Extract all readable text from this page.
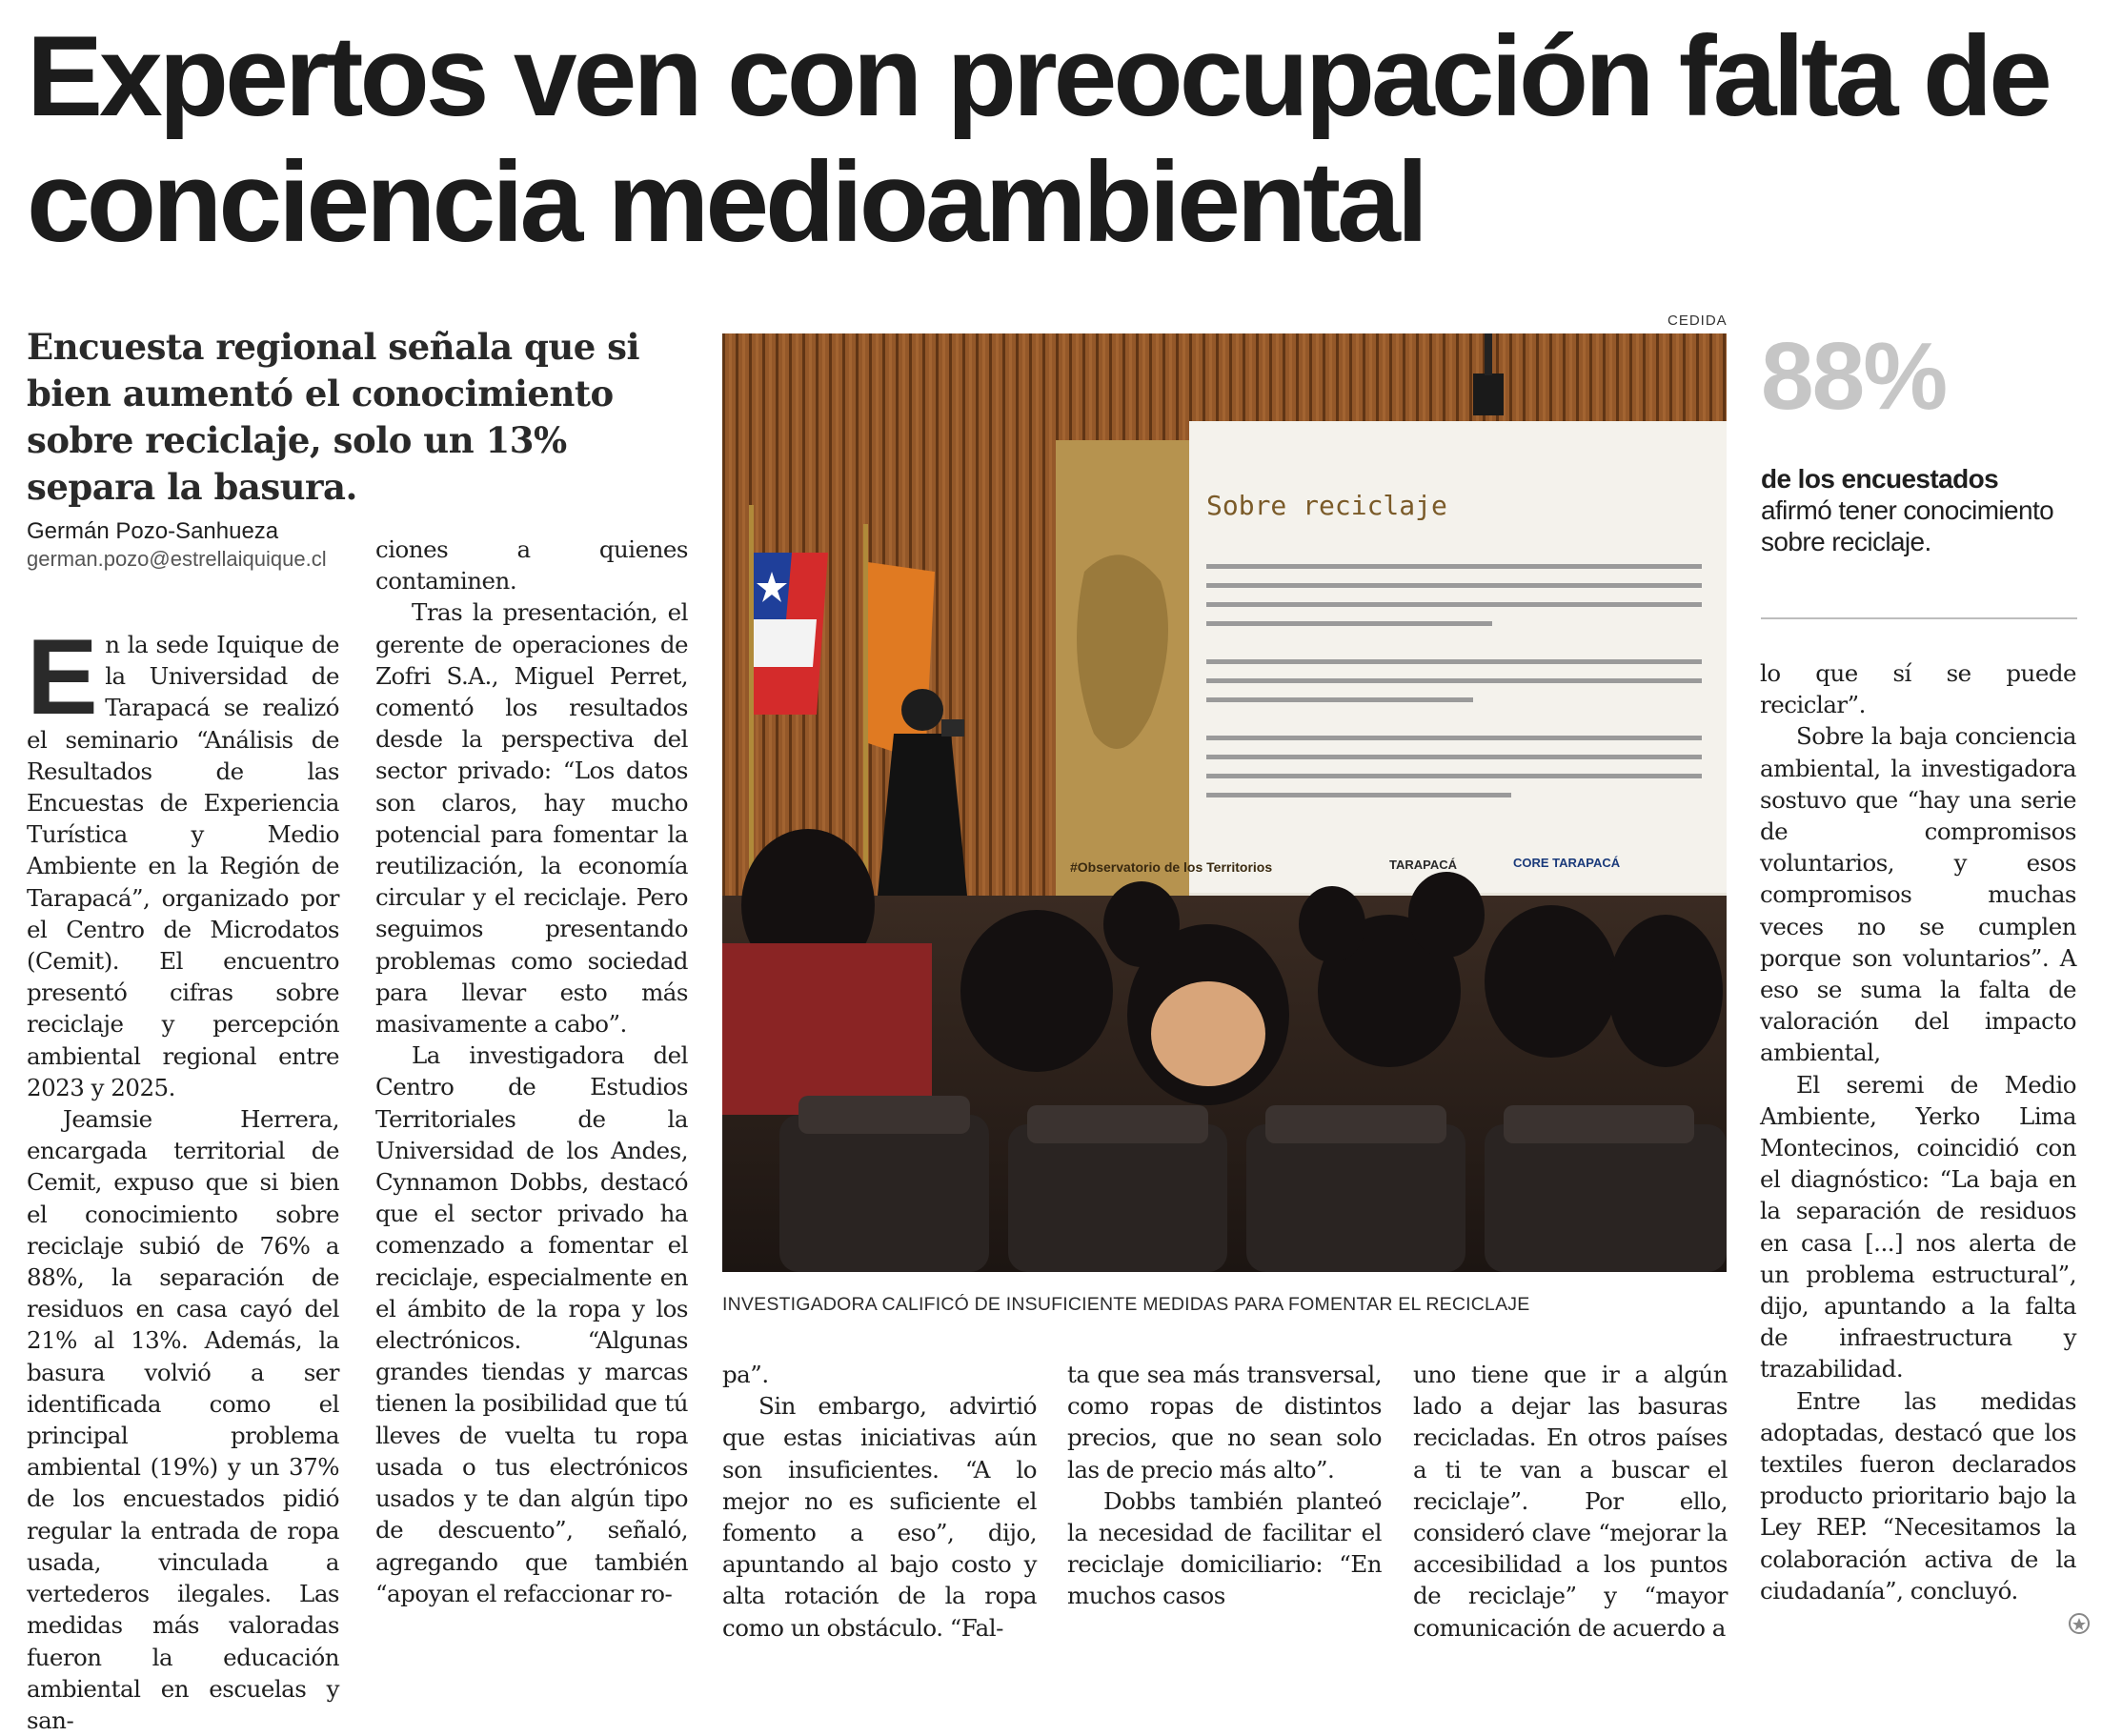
Expertos ven con preocupación falta de conciencia medioambiental
Encuesta regional señala que si bien aumentó el conocimiento sobre reciclaje, solo un 13% separa la basura.
Germán Pozo-Sanhueza
german.pozo@estrellaiquique.cl

En la sede Iquique de la Universidad de Tarapacá se realizó el seminario “Análisis de Resultados de las Encuestas de Experiencia Turística y Medio Ambiente en la Región de Tarapacá”, organizado por el Centro de Microdatos (Cemit). El encuentro presentó cifras sobre reciclaje y percepción ambiental regional entre 2023 y 2025.

Jeamsie Herrera, encargada territorial de Cemit, expuso que si bien el conocimiento sobre reciclaje subió de 76% a 88%, la separación de residuos en casa cayó del 21% al 13%. Además, la basura volvió a ser identificada como el principal problema ambiental (19%) y un 37% de los encuestados pidió regular la entrada de ropa usada, vinculada a vertederos ilegales. Las medidas más valoradas fueron la educación ambiental en escuelas y san-

ciones a quienes contaminen.

Tras la presentación, el gerente de operaciones de Zofri S.A., Miguel Perret, comentó los resultados desde la perspectiva del sector privado: “Los datos son claros, hay mucho potencial para fomentar la reutilización, la economía circular y el reciclaje. Pero seguimos presentando problemas como sociedad para llevar esto más masivamente a cabo”.

La investigadora del Centro de Estudios Territoriales de la Universidad de los Andes, Cynnamon Dobbs, destacó que el sector privado ha comenzado a fomentar el reciclaje, especialmente en el ámbito de la ropa y los electrónicos. “Algunas grandes tiendas y marcas tienen la posibilidad que tú lleves de vuelta tu ropa usada o tus electrónicos usados y te dan algún tipo de descuento”, señaló, agregando que también “apoyan el refaccionar ro-

CEDIDA
Sobre reciclaje
#Observatorio de los Territorios	TARAPACÁ	CORE TARAPACÁ
INVESTIGADORA CALIFICÓ DE INSUFICIENTE MEDIDAS PARA FOMENTAR EL RECICLAJE

pa”.

Sin embargo, advirtió que estas iniciativas aún son insuficientes. “A lo mejor no es suficiente el fomento a eso”, dijo, apuntando al bajo costo y alta rotación de la ropa como un obstáculo. “Fal-

ta que sea más transversal, como ropas de distintos precios, que no sean solo las de precio más alto”.

Dobbs también planteó la necesidad de facilitar el reciclaje domiciliario: “En muchos casos

uno tiene que ir a algún lado a dejar las basuras recicladas. En otros países a ti te van a buscar el reciclaje”. Por ello, consideró clave “mejorar la accesibilidad a los puntos de reciclaje” y “mayor comunicación de acuerdo a

88%
de los encuestados afirmó tener conocimiento sobre reciclaje.

lo que sí se puede reciclar”.

Sobre la baja conciencia ambiental, la investigadora sostuvo que “hay una serie de compromisos voluntarios, y esos compromisos muchas veces no se cumplen porque son voluntarios”. A eso se suma la falta de valoración del impacto ambiental,

El seremi de Medio Ambiente, Yerko Lima Montecinos, coincidió con el diagnóstico: “La baja en la separación de residuos en casa [...] nos alerta de un problema estructural”, dijo, apuntando a la falta de infraestructura y trazabilidad.

Entre las medidas adoptadas, destacó que los textiles fueron declarados producto prioritario bajo la Ley REP. “Necesitamos la colaboración activa de la ciudadanía”, concluyó.
